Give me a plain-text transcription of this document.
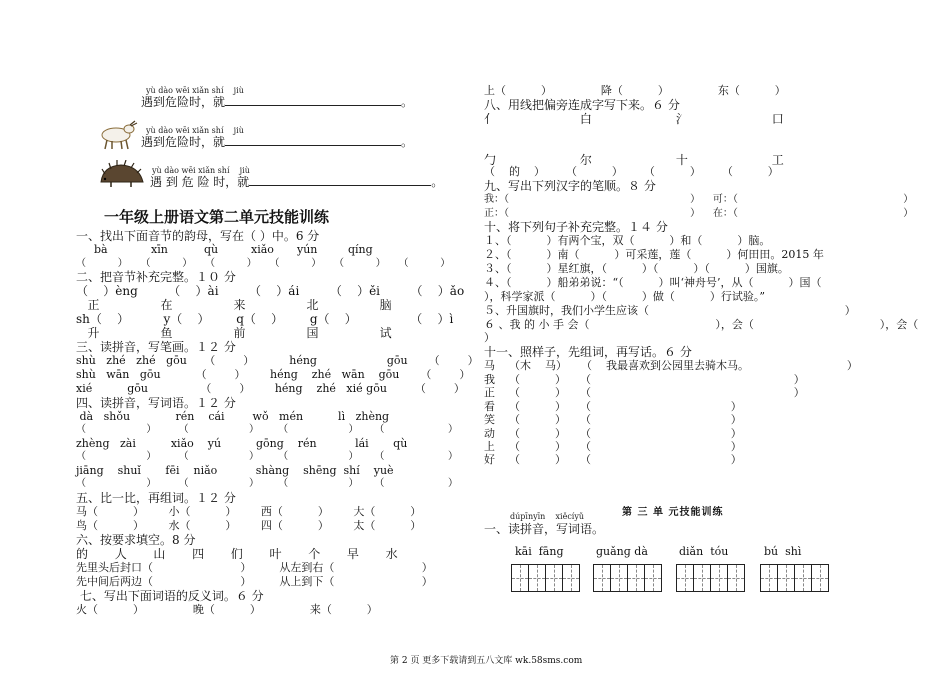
yù dào wēi xiǎn shí    jiù
遇到危险时，就	。
yù dào wēi xiǎn shí    jiù
遇到危险时，就	。
yù dào wēi xiǎn shí    jiù
遇 到 危 险 时，就	。
一年级上册语文第二单元技能训练
一、找出下面音节的韵母，写在（ ）中。6 分
bà	xīn	qù	xiǎo yún	qíng
（          ）    （          ）    （          ）    （          ）    （          ）    （          ）
二、把音节补充完整。１０ 分
（    ）èng        （    ）ài        （    ）ái        （    ）ěi        （    ）ǎo
正                在                来                北                脑
sh（    ）         y（    ）       q（    ）       g（    ）              （    ）ì
升                鱼                前                国                试
三、读拼音，写笔画。１２ 分
shù   zhé   zhé   gōu     （        ）          héng                    gōu      （        ）
shù   wān   gōu          （        ）       héng    zhé   wān    gōu      （        ）
xié          gōu               （        ）       héng    zhé   xié gōu        （        ）
四、读拼音，写词语。１２ 分
dà   shǒu             rén    cái        wǒ   mén          lì   zhèng
（                   ）       （                   ）      （                   ）     （                    ）
zhèng   zài          xiǎo    yú          gōng    rén           lái       qù
（                   ）       （                   ）      （                   ）     （                    ）
jiāng    shuǐ       fēi    niǎo           shàng    shēng  shí    yuè
（                   ）       （                   ）      （                   ）     （                    ）
五、比一比，再组词。１２ 分
马（          ）       小（          ）       西（          ）       大（          ）
鸟（          ）       水（          ）       四（          ）       太（          ）
六、按要求填空。8 分
的       人       山       四       们       叶       个       早       水
先里头后封口（                         ）        从左到右（                         ）
先中间后两边（                         ）        从上到下（                         ）
七、写出下面词语的反义词。６ 分
火（          ）              晚（          ）              来（          ）
上（          ）              降（          ）              东（          ）
八、用线把偏旁连成字写下来。６ 分
亻                      白                      氵                      口
勹                      尔                      十                      工
（    的    ）      （          ）      （          ）      （          ）
九、写出下列汉字的笔顺。８ 分
我：（                                                         ）    可：（                                                    ）
正：（                                                         ）    在：（                                                    ）
十、将下列句子补充完整。１４ 分
１、（          ）有两个宝，双（          ）和（          ）脑。
２、（          ）南（          ）可采莲，莲（          ）何田田。2015 年
３、（          ）星红旗，（          ）（          ）（          ）国旗。
４、（          ）船弟弟说：“（          ）叫‘神舟号’，从（          ）国（
），科学家派（          ）（          ）做（          ）行试验。”
５、升国旗时，我们小学生应该（                                                        ）
６ 、我 的 小 手 会（                                    ），会（                                    ），会（
）
十一、照样子，先组词，再写话。６ 分
马    （木    马）    （    我最喜欢到公园里去骑木马。                            ）
我    （          ）    （                                                          ）
正    （          ）    （                                                          ）
看    （          ）    （                                        ）
笑    （          ）    （                                        ）
动    （          ）    （                                        ）
上    （          ）    （                                        ）
好    （          ）    （                                        ）
第 三 单 元技能训练
dúpīnyīn    xiěcíyǔ
一、读拼音，写词语。
kāi  fānɡ	ɡuǎnɡ dà	diǎn  tóu	bú  shì
第 2 页 更多下载请到五八文库 wk.58sms.com
